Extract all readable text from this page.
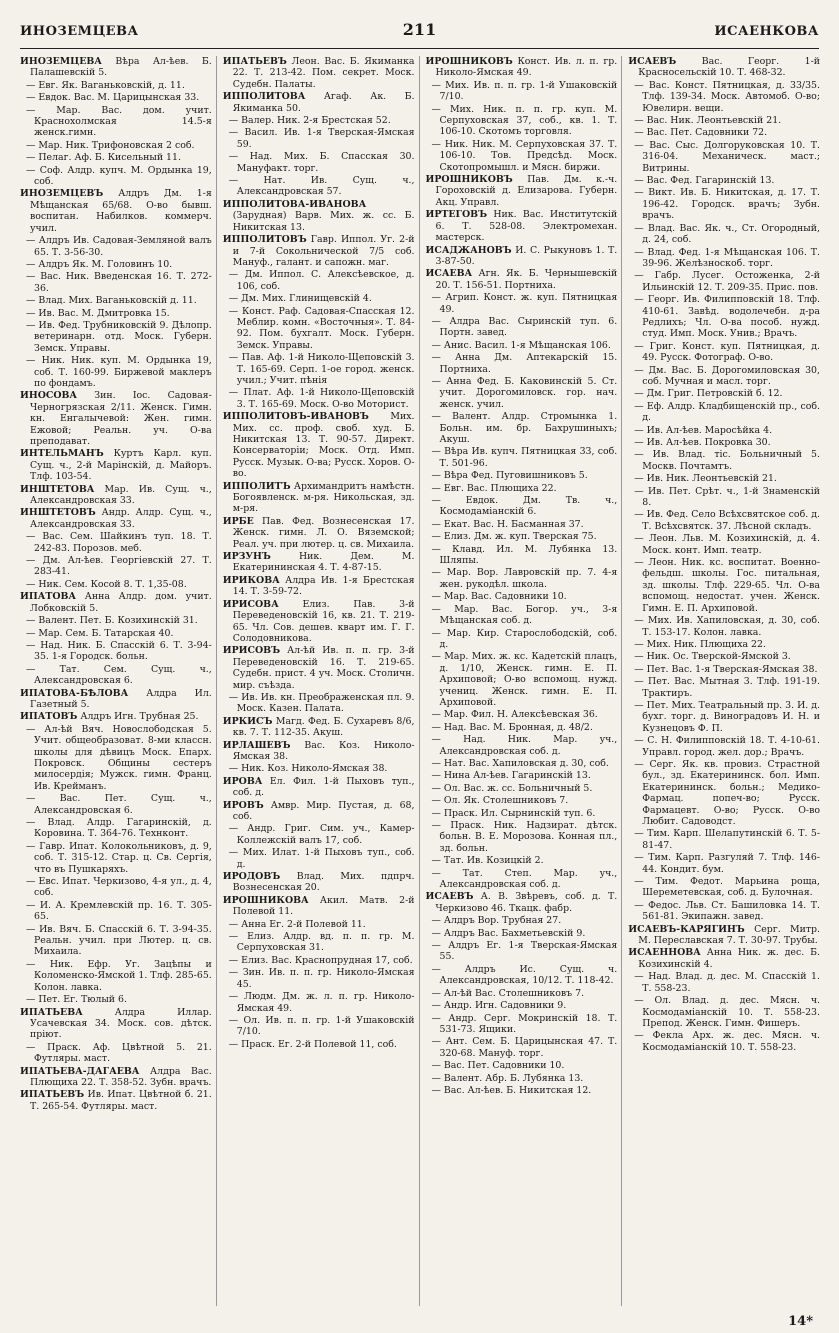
ИНОЗЕМЦЕВА	211	ИСАЕНКОВА
ИНОЗЕМЦЕВА Вѣра Ал-ѣев. Б. Палашевскій 5.
— Евг. Як. Ваганьковскій, д. 11.
— Евдок. Вас. М. Царицынская 33.
— Мар. Вас. дом. учит. Краснохолмская 14.5-я женск.гимн.
— Мар. Ник. Трифоновская 2 соб.
— Пелаг. Аф. Б. Кисельный 11.
— Соф. Алдр. купч. М. Ордынка 19, соб.
ИНОЗЕМЦЕВЪ Алдръ Дм. 1-я Мѣщанская 65/68. О-во бывш. воспитан. Набилков. коммерч. учил.
— Алдръ Ив. Садовая-Земляной валъ 65. Т. 3-56-30.
— Алдръ Як. М. Головинъ 10.
— Вас. Ник. Введенская 16. Т. 272-36.
— Влад. Мих. Ваганьковскій д. 11.
— Ив. Вас. М. Дмитровка 15.
— Ив. Фед. Трубниковскій 9. Дѣлопр. ветеринарн. отд. Моск. Губерн. Земск. Управы.
— Ник. Ник. куп. М. Ордынка 19, соб. Т. 160-99. Биржевой маклеръ по фондамъ.
ИНОСОВА Зин. Іос. Садовая-Черногрязская 2/11. Женск. Гимн. кн. Енгалычевой: Жен. гимн. Ежовой; Реальн. уч. О-ва преподават.
ИНТЕЛЬМАНЪ Куртъ Карл. куп. Сущ. ч., 2-й Марінскій, д. Майоръ. Тлф. 103-54.
ИНШТЕТОВА Мар. Ив. Сущ. ч., Александровская 33.
ИНШТЕТОВЪ Андр. Алдр. Сущ. ч., Александровская 33.
— Вас. Сем. Шайкинъ туп. 18. Т. 242-83. Порозов. меб.
— Дм. Ал-ѣев. Георгіевскій 27. Т. 283-41.
— Ник. Сем. Косой 8. Т. 1,35-08.
ИПАТОВА Анна Алдр. дом. учит. Лобковскій 5.
— Валент. Пет. Б. Козихинскій 31.
— Мар. Сем. Б. Татарская 40.
— Над. Ник. Б. Спасскій 6. Т. 3-94-35. 1-я Городск. больн.
— Тат. Сем. Сущ. ч., Александровская 6.
ИПАТОВА-БѢЛОВА Алдра Ил. Газетный 5.
ИПАТОВЪ Алдръ Игн. Трубная 25.
— Ал-ѣй Вяч. Новослободская 5. Учит. общеобразоват. 8-ми классн. школы для дѣвицъ Моск. Епарх. Покровск. Общины сестеръ милосердія; Мужск. гимн. Франц. Ив. Крейманъ.
— Вас. Пет. Сущ. ч., Александровская 6.
— Влад. Алдр. Гагаринскій, д. Коровина. Т. 364-76. Технконт.
— Гавр. Ипат. Колокольниковъ, д. 9, соб. Т. 315-12. Стар. ц. Св. Сергія, что въ Пушкаряхъ.
— Евс. Ипат. Черкизово, 4-я ул., д. 4, соб.
— И. А. Кремлевскій пр. 16. Т. 305-65.
— Ив. Вяч. Б. Спасскій 6. Т. 3-94-35. Реальн. учил. при Лютер. ц. св. Михаила.
— Ник. Ефр. Уг. Зацѣпы и Коломенско-Ямской 1. Тлф. 285-65. Колон. лавка.
— Пет. Ег. Тюлый 6.
ИПАТЬЕВА	Алдра Иллар. Усачевская 34. Моск. сов. дѣтск. пріют.
— Праск. Аф. Цвѣтной 5. 21. Футляры. маст.
ИПАТЬЕВА-ДАГАЕВА Алдра Вас. Плющиха 22. Т. 358-52. Зубн. врачъ.
ИПАТЬЕВЪ Ив. Ипат. Цвѣтной б. 21. Т. 265-54. Футляры. маст.
ИПАТЬЕВЪ Леон. Вас. Б. Якиманка 22. Т. 213-42. Пом. секрет. Моск. Судебн. Палаты.
ИППОЛИТОВА Агаф. Ак. Б. Якиманка 50.
— Валер. Ник. 2-я Брестская 52.
— Васил. Ив. 1-я Тверская-Ямская 59.
— Над. Мих. Б. Спасская 30. Мануфакт. торг.
— Нат. Ив. Сущ. ч., Александровская 57.
ИППОЛИТОВА-ИВАНОВА (Зарудная) Варв. Мих. ж. сс. Б. Никитская 13.
ИППОЛИТОВЪ Гавр. Иппол. Уг. 2-й и 7-й Сокольнической 7/5 соб. Мануф., галант. и сапожн. маг.
— Дм. Иппол. С. Алексѣевское, д. 106, соб.
— Дм. Мих. Глинищевскій 4.
— Конст. Раф. Садовая-Спасская 12. Меблир. комн. «Восточныя». Т. 84-92. Пом. бухгалт. Моск. Губерн. Земск. Управы.
— Пав. Аф. 1-й Николо-Щеповскій 3. Т. 165-69. Серп. 1-ое город. женск. учил.; Учит. пѣнія
— Плат. Аф. 1-й Николо-Щеповскій 3. Т. 165-69. Моск. О-во Моторист.
ИППОЛИТОВЪ-ИВАНОВЪ Мих. Мих. сс. проф. своб. худ. Б. Никитская 13. Т. 90-57. Директ. Консерваторіи; Моск. Отд. Имп. Русск. Музык. О-ва; Русск. Хоров. О-во.
ИППОЛИТЪ Архимандритъ намѣстн. Богоявленск. м-ря. Никольская, зд. м-ря.
ИРБЕ Пав. Фед. Вознесенская 17. Женск. гимн. Л. О. Вяземской; Реал. уч. при лютер. ц. св. Михаила.
ИРЗУНЪ	Ник. Дем. М. Екатерининская 4. Т. 4-87-15.
ИРИКОВА Алдра Ив. 1-я Брестская 14. Т. 3-59-72.
ИРИСОВА	Елиз. Пав. 3-й Переведеновскій 16, кв. 21. Т. 219-65. Чл. Сов. дешев. кварт им. Г. Г. Солодовникова.
ИРИСОВЪ Ал-ѣй Ив. п. п. гр. 3-й Переведеновскій 16. Т. 219-65. Судебн. прист. 4 уч. Моск. Столичн. мир. съѣзда.
— Ив. Ив. кн. Преображенская пл. 9. Моск. Казен. Палата.
ИРКИСЪ Магд. Фед. Б. Сухаревъ 8/6, кв. 7. Т. 112-35. Акуш.
ИРЛАШЕВЪ Вас. Коз. Николо-Ямская 38.
— Ник. Коз. Николо-Ямская 38.
ИРОВА Ел. Фил. 1-й Пыховъ туп., соб. д.
ИРОВЪ Амвр. Мир. Пустая, д. 68, соб.
— Андр. Григ. Сим. уч., Камер-Коллежскій валъ 17, соб.
— Мих. Илат. 1-й Пыховъ туп., соб. д.
ИРОДОВЪ Влад. Мих. пдпрч. Вознесенская 20.
ИРОШНИКОВА Акил. Матв. 2-й Полевой 11.
— Анна Ег. 2-й Полевой 11.
— Елиз. Алдр. вд. п. п. гр. М. Серпуховская 31.
— Елиз. Вас. Краснопрудная 17, соб.
— Зин. Ив. п. п. гр. Николо-Ямская 45.
— Людм. Дм. ж. л. п. гр. Николо-Ямская 49.
— Ол. Ив. п. п. гр. 1-й Ушаковскій 7/10.
— Праск. Ег. 2-й Полевой 11, соб.
ИРОШНИКОВЪ Конст. Ив. л. п. гр. Николо-Ямская 49.
— Мих. Ив. п. п. гр. 1-й Ушаковскій 7/10.
— Мих. Ник. п. п. гр. куп. М. Серпуховская 37, соб., кв. 1. Т. 106-10. Скотомъ торговля.
— Ник. Ник. М. Серпуховская 37. Т. 106-10. Тов. Предсѣд. Моск. Скотопромышл. и Мясн. биржи.
ИРОШНИКОВЪ Пав. Дм. к.-ч. Гороховскій д. Елизарова. Губерн. Акц. Управл.
ИРТЕГОВЪ Ник. Вас. Институтскій 6. Т. 528-08. Электромехан. мастерск.
ИСАДЖАНОВЪ И. С. Рыкуновъ 1. Т. 3-87-50.
ИСАЕВА Агн. Як. Б. Чернышевскій 20. Т. 156-51. Портниха.
— Агрип. Конст. ж. куп. Пятницкая 49.
— Алдра Вас. Сыринскій туп. 6. Портн. завед.
— Анис. Васил. 1-я Мѣщанская 106.
— Анна Дм. Аптекарскій 15. Портниха.
— Анна Фед. Б. Каковинскій 5. Ст. учит. Дорогомиловск. гор. нач. женск. учил.
— Валент. Алдр. Стромынка 1. Больн. им. бр. Бахрушиныхъ; Акуш.
— Вѣра Ив. купч. Пятницкая 33, соб. Т. 501-96.
— Вѣра Фед. Пуговишниковъ 5.
— Евг. Вас. Плющиха 22.
— Евдок. Дм. Тв. ч., Космодаміанскій 6.
— Екат. Вас. Н. Басманная 37.
— Елиз. Дм. ж. куп. Тверская 75.
— Клавд. Ил. М. Лубянка 13. Шляпы.
— Мар. Вор. Лавровскій пр. 7. 4-я жен. рукодѣл. школа.
— Мар. Вас. Садовники 10.
— Мар. Вас. Богор. уч., 3-я Мѣщанская соб. д.
— Мар. Кир. Старослободскій, соб. д.
— Мар. Мих. ж. кс. Кадетскій плацъ, д. 1/10, Женск. гимн. Е. П. Архиповой; О-во вспомощ. нужд. учениц. Женск. гимн. Е. П. Архиповой.
— Мар. Фил. Н. Алексѣевская 36.
— Над. Вас. М. Бронная, д. 48/2.
— Над. Ник. Мар. уч., Александровская соб. д.
— Нат. Вас. Хапиловская д. 30, соб.
— Нина Ал-ѣев. Гагаринскій 13.
— Ол. Вас. ж. сс. Больничный 5.
— Ол. Як. Столешниковъ 7.
— Праск. Ил. Сырнинскій туп. 6.
— Праск. Ник. Надзират. дѣтск. больн. В. Е. Морозова. Конная пл., зд. больн.
— Тат. Ив. Козицкій 2.
— Тат. Степ. Мар. уч., Александровская соб. д.
ИСАЕВЪ А. В. Звѣревъ, соб. д. Т. Черкизово 46. Ткацк. фабр.
— Алдръ Вор. Трубная 27.
— Алдръ Вас. Бахметьевскій 9.
— Алдръ Ег. 1-я Тверская-Ямская 55.
— Алдръ Ис. Сущ. ч. Александровская, 10/12. Т. 118-42.
— Ал-ѣй Вас. Столешниковъ 7.
— Андр. Игн. Садовники 9.
— Андр. Серг. Мокринскій 18. Т. 531-73. Ящики.
— Ант. Сем. Б. Царицынская 47. Т. 320-68. Мануф. торг.
— Вас. Пет. Садовники 10.
— Валент. Абр. Б. Лубянка 13.
— Вас. Ал-ѣев. Б. Никитская 12.
ИСАЕВЪ	Вас. Георг. 1-й Красносельскій 10. Т. 468-32.
— Вас. Конст. Пятницкая, д. 33/35. Тлф. 139-34. Моск. Автомоб. О-во; Ювелирн. вещи.
— Вас. Ник. Леонтьевскій 21.
— Вас. Пет. Садовники 72.
— Вас. Сыс. Долгоруковская 10. Т. 316-04. Механическ. маст.; Витрины.
— Вас. Фед. Гагаринскій 13.
— Викт. Ив. Б. Никитская, д. 17. Т. 196-42. Городск. врачъ; Зубн. врачъ.
— Влад. Вас. Як. ч., Ст. Огородный, д. 24, соб.
— Влад. Фед. 1-я Мѣщанская 106. Т. 39-96. Желѣзноскоб. торг.
— Габр. Лусег. Остоженка, 2-й Ильинскій 12. Т. 209-35. Прис. пов.
— Георг. Ив. Филипповскій 18. Тлф. 410-61. Завѣд. водолечебн. д-ра Редлихъ; Чл. О-ва пособ. нужд. студ. Имп. Моск. Унив.; Врачъ.
— Григ. Конст. куп. Пятницкая, д. 49. Русск. Фотограф. О-во.
— Дм. Вас. Б. Дорогомиловская 30, соб. Мучная и масл. торг.
— Дм. Григ. Петровскій б. 12.
— Еф. Алдр. Кладбищенскій пр., соб. д.
— Ив. Ал-ѣев. Маросѣйка 4.
— Ив. Ал-ѣев. Покровка 30.
— Ив. Влад. тіс. Больничный 5. Москв. Почтамтъ.
— Ив. Ник. Леонтьевскій 21.
— Ив. Пет. Срѣт. ч., 1-й Знаменскій 8.
— Ив. Фед. Село Всѣхсвятское соб. д. Т. Всѣхсвятск. 37. Лѣсной складъ.
— Леон. Льв. М. Козихинскій, д. 4. Моск. конт. Имп. театр.
— Леон. Ник. кс. воспитат. Военно-фельдш. школы. Гос. питальная, зд. школы. Тлф. 229-65. Чл. О-ва вспомощ. недостат. учен. Женск. Гимн. Е. П. Архиповой.
— Мих. Ив. Хапиловская, д. 30, соб. Т. 153-17. Колон. лавка.
— Мих. Ник. Плющиха 22.
— Ник. Ос. Тверской-Ямской 3.
— Пет. Вас. 1-я Тверская-Ямская 38.
— Пет. Вас. Мытная 3. Тлф. 191-19. Трактиръ.
— Пет. Мих. Театральный пр. 3. И. д. бухг. торг. д. Виноградовъ И. Н. и Кузнецовъ Ф. П.
— С. Н. Филипповскій 18. Т. 4-10-61. Управл. город. жел. дор.; Врачъ.
— Серг. Як. кв. провиз. Страстной бул., зд. Екатерининск. бол. Имп. Екатерининск. больн.; Медико-Фармац. попеч-во; Русск. Фармацевт. О-во; Русск. О-во Любит. Садоводст.
— Тим. Карп. Шелапутинскій 6. Т. 5-81-47.
— Тим. Карп. Разгуляй 7. Тлф. 146-44. Кондит. бум.
— Тим. Федот. Марьина роща, Шереметевская, соб. д. Булочная.
— Федос. Льв. Ст. Башиловка 14. Т. 561-81. Экипажн. завед.
ИСАЕВЪ-КАРЯГИНЪ Серг. Митр. М. Переславская 7. Т. 30-97. Трубы.
ИСАЕННОВА Анна Ник. ж. дес. Б. Козихинскій 4.
— Над. Влад. д. дес. М. Спасскій 1. Т. 558-23.
— Ол. Влад. д. дес. Мясн. ч. Космодаміанскій 10. Т. 558-23. Препод. Женск. Гимн. Фишеръ.
— Фекла Арх. ж. дес. Мясн. ч. Космодаміанскій 10. Т. 558-23.
14*
